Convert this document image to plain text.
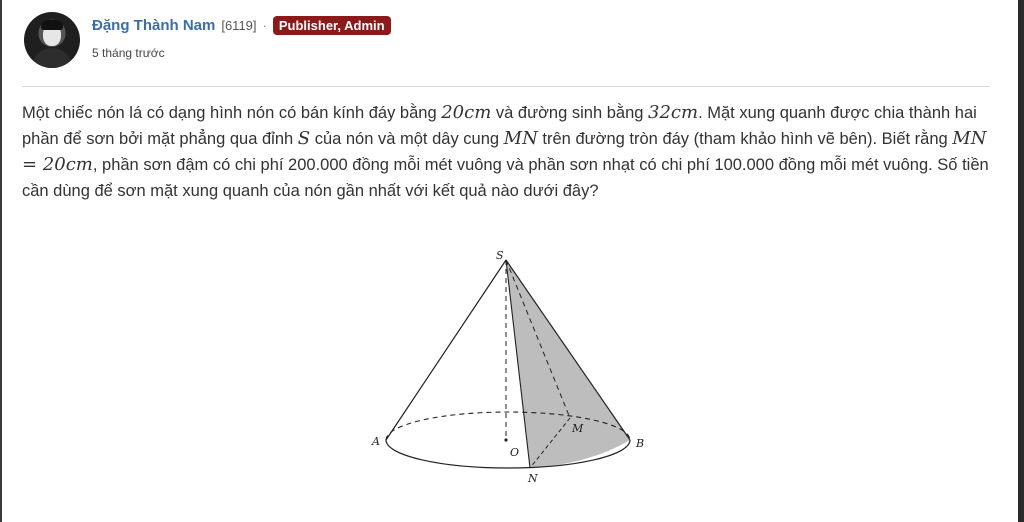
Đặng Thành Nam [6119] · Publisher, Admin
5 tháng trước
Một chiếc nón lá có dạng hình nón có bán kính đáy bằng 20cm và đường sinh bằng 32cm. Mặt xung quanh được chia thành hai phần để sơn bởi mặt phẳng qua đỉnh S của nón và một dây cung MN trên đường tròn đáy (tham khảo hình vẽ bên). Biết rằng MN = 20cm, phần sơn đậm có chi phí 200.000 đồng mỗi mét vuông và phần sơn nhạt có chi phí 100.000 đồng mỗi mét vuông. Số tiền cần dùng để sơn mặt xung quanh của nón gần nhất với kết quả nào dưới đây?
S
A	B
O
M
N
